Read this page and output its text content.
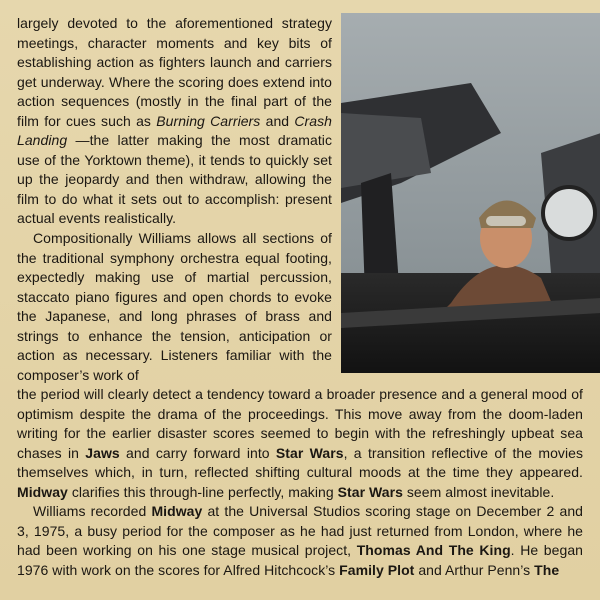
largely devoted to the aforementioned strategy meetings, character moments and key bits of establishing action as fighters launch and carriers get underway. Where the scoring does extend into action sequences (mostly in the final part of the film for cues such as Burning Carriers and Crash Landing —the latter making the most dramatic use of the Yorktown theme), it tends to quickly set up the jeopardy and then withdraw, allowing the film to do what it sets out to accomplish: present actual events realistically.

Compositionally Williams allows all sections of the traditional symphony orchestra equal footing, expectedly making use of martial percussion, staccato piano figures and open chords to evoke the Japanese, and long phrases of brass and strings to enhance the tension, anticipation or action as necessary. Listeners familiar with the composer’s work of

the period will clearly detect a tendency toward a broader presence and a general mood of optimism despite the drama of the proceedings. This move away from the doom-laden writing for the earlier disaster scores seemed to begin with the refreshingly upbeat sea chases in Jaws and carry forward into Star Wars, a transition reflective of the movies themselves which, in turn, reflected shifting cultural moods at the time they appeared. Midway clarifies this through-line perfectly, making Star Wars seem almost inevitable.

Williams recorded Midway at the Universal Studios scoring stage on December 2 and 3, 1975, a busy period for the composer as he had just returned from London, where he had been working on his one stage musical project, Thomas And The King. He began 1976 with work on the scores for Alfred Hitchcock’s Family Plot and Arthur Penn’s The
